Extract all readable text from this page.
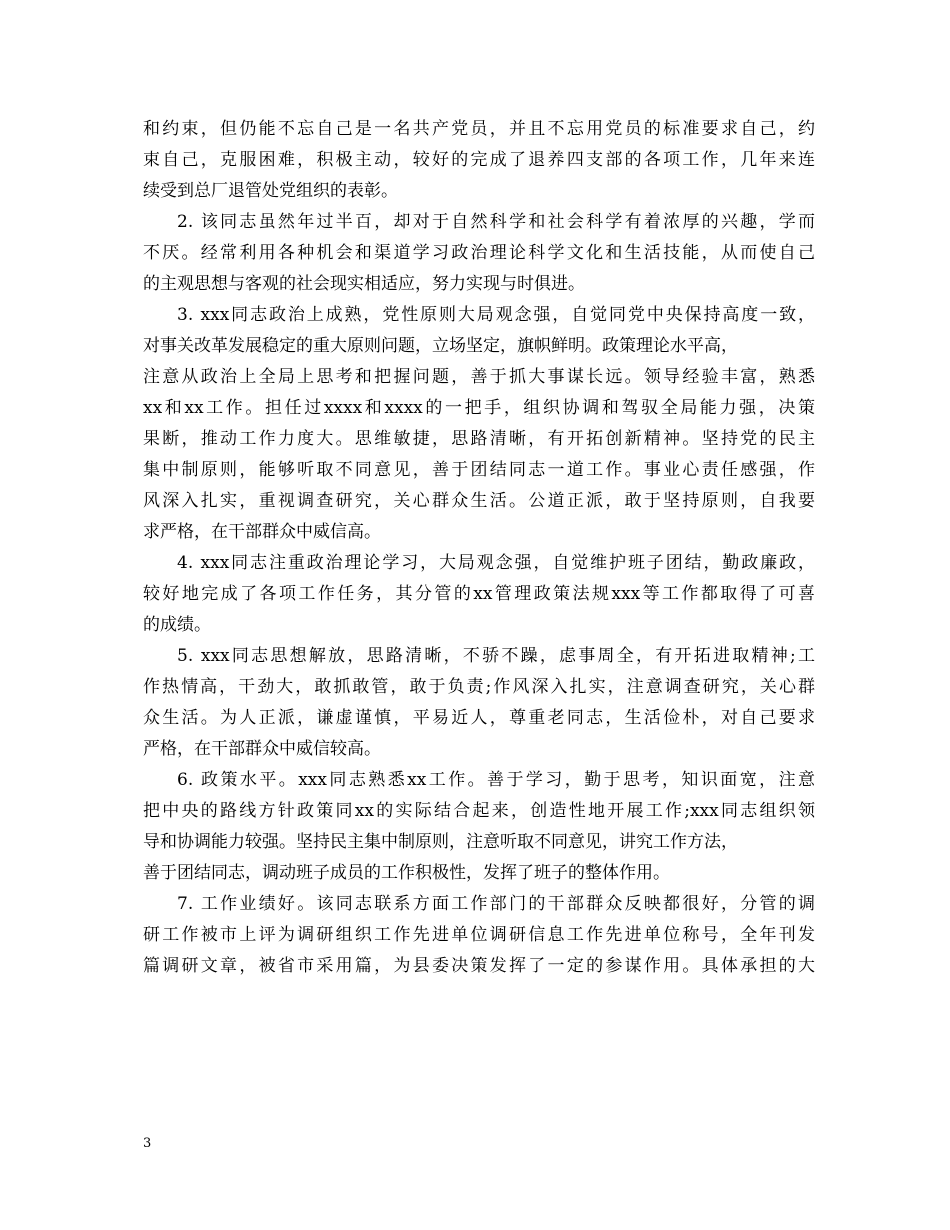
和约束，但仍能不忘自己是一名共产党员，并且不忘用党员的标准要求自己，约
束自己，克服困难，积极主动，较好的完成了退养四支部的各项工作，几年来连
续受到总厂退管处党组织的表彰。
2. 该同志虽然年过半百，却对于自然科学和社会科学有着浓厚的兴趣，学而
不厌。经常利用各种机会和渠道学习政治理论科学文化和生活技能，从而使自己
的主观思想与客观的社会现实相适应，努力实现与时俱进。
3. xxx同志政治上成熟，党性原则大局观念强，自觉同党中央保持高度一致，
对事关改革发展稳定的重大原则问题，立场坚定，旗帜鲜明。政策理论水平高，
注意从政治上全局上思考和把握问题，善于抓大事谋长远。领导经验丰富，熟悉
xx和xx工作。担任过xxxx和xxxx的一把手，组织协调和驾驭全局能力强，决策
果断，推动工作力度大。思维敏捷，思路清晰，有开拓创新精神。坚持党的民主
集中制原则，能够听取不同意见，善于团结同志一道工作。事业心责任感强，作
风深入扎实，重视调查研究，关心群众生活。公道正派，敢于坚持原则，自我要
求严格，在干部群众中威信高。
4. xxx同志注重政治理论学习，大局观念强，自觉维护班子团结，勤政廉政，
较好地完成了各项工作任务，其分管的xx管理政策法规xxx等工作都取得了可喜
的成绩。
5. xxx同志思想解放，思路清晰，不骄不躁，虑事周全，有开拓进取精神;工
作热情高，干劲大，敢抓敢管，敢于负责;作风深入扎实，注意调查研究，关心群
众生活。为人正派，谦虚谨慎，平易近人，尊重老同志，生活俭朴，对自己要求
严格，在干部群众中威信较高。
6. 政策水平。xxx同志熟悉xx工作。善于学习，勤于思考，知识面宽，注意
把中央的路线方针政策同xx的实际结合起来，创造性地开展工作;xxx同志组织领
导和协调能力较强。坚持民主集中制原则，注意听取不同意见，讲究工作方法，
善于团结同志，调动班子成员的工作积极性，发挥了班子的整体作用。
7. 工作业绩好。该同志联系方面工作部门的干部群众反映都很好，分管的调
研工作被市上评为调研组织工作先进单位调研信息工作先进单位称号，全年刊发
篇调研文章，被省市采用篇，为县委决策发挥了一定的参谋作用。具体承担的大
3
